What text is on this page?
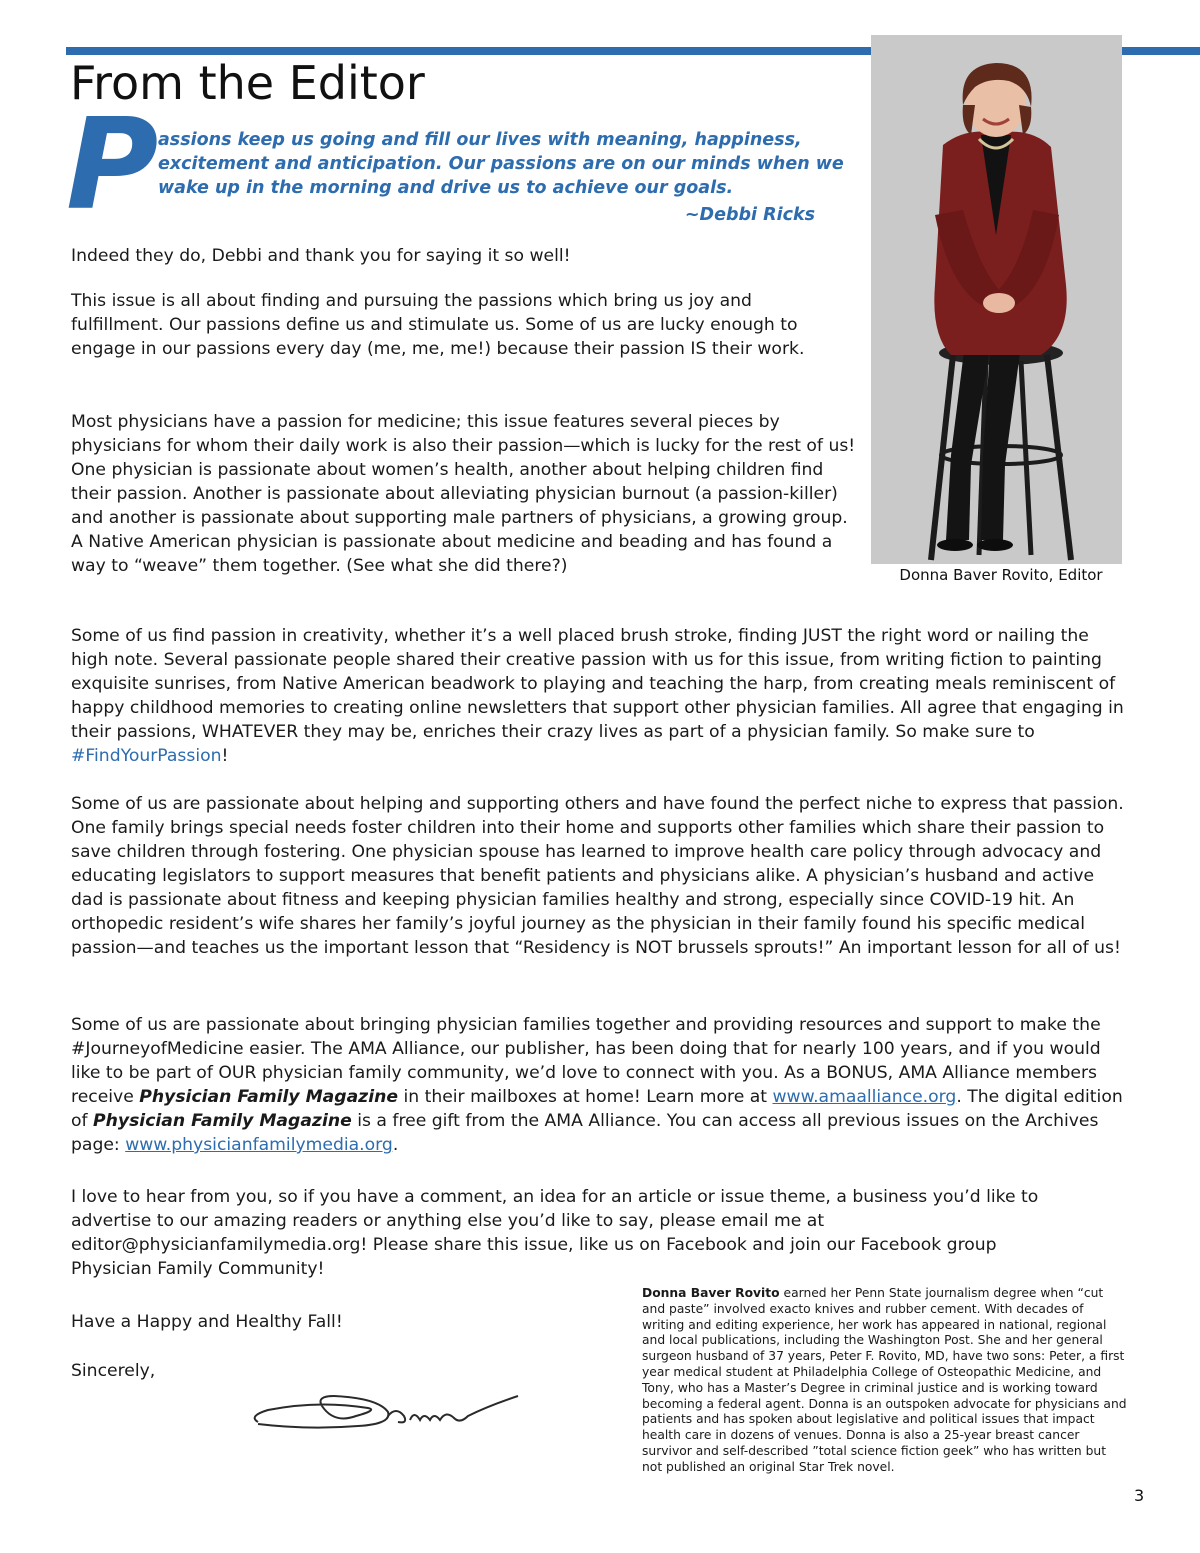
From the Editor
P assions keep us going and fill our lives with meaning, happiness, excitement and anticipation. Our passions are on our minds when we wake up in the morning and drive us to achieve our goals.

~Debbi Ricks
Donna Baver Rovito, Editor

Indeed they do, Debbi and thank you for saying it so well!

This issue is all about finding and pursuing the passions which bring us joy and fulfillment. Our passions define us and stimulate us. Some of us are lucky enough to engage in our passions every day (me, me, me!) because their passion IS their work.

Most physicians have a passion for medicine; this issue features several pieces by physicians for whom their daily work is also their passion—which is lucky for the rest of us! One physician is passionate about women’s health, another about helping children find their passion. Another is passionate about alleviating physician burnout (a passion-killer) and another is passionate about supporting male partners of physicians, a growing group. A Native American physician is passionate about medicine and beading and has found a way to “weave” them together. (See what she did there?)

Some of us find passion in creativity, whether it’s a well placed brush stroke, finding JUST the right word or nailing the high note. Several passionate people shared their creative passion with us for this issue, from writing fiction to painting exquisite sunrises, from Native American beadwork to playing and teaching the harp, from creating meals reminiscent of happy childhood memories to creating online newsletters that support other physician families. All agree that engaging in their passions, WHATEVER they may be, enriches their crazy lives as part of a physician family. So make sure to #FindYourPassion!

Some of us are passionate about helping and supporting others and have found the perfect niche to express that passion. One family brings special needs foster children into their home and supports other families which share their passion to save children through fostering. One physician spouse has learned to improve health care policy through advocacy and educating legislators to support measures that benefit patients and physicians alike. A physician’s husband and active dad is passionate about fitness and keeping physician families healthy and strong, especially since COVID-19 hit. An orthopedic resident’s wife shares her family’s joyful journey as the physician in their family found his specific medical passion—and teaches us the important lesson that “Residency is NOT brussels sprouts!” An important lesson for all of us!

Some of us are passionate about bringing physician families together and providing resources and support to make the #JourneyofMedicine easier. The AMA Alliance, our publisher, has been doing that for nearly 100 years, and if you would like to be part of OUR physician family community, we’d love to connect with you. As a BONUS, AMA Alliance members receive Physician Family Magazine in their mailboxes at home! Learn more at www.amaalliance.org. The digital edition of Physician Family Magazine is a free gift from the AMA Alliance. You can access all previous issues on the Archives page: www.physicianfamilymedia.org.

I love to hear from you, so if you have a comment, an idea for an article or issue theme, a business you’d like to advertise to our amazing readers or anything else you’d like to say, please email me at editor@physicianfamilymedia.org! Please share this issue, like us on Facebook and join our Facebook group Physician Family Community!

Have a Happy and Healthy Fall!

Sincerely,

Donna Baver Rovito earned her Penn State journalism degree when “cut and paste” involved exacto knives and rubber cement. With decades of writing and editing experience, her work has appeared in national, regional and local publications, including the Washington Post. She and her general surgeon husband of 37 years, Peter F. Rovito, MD, have two sons: Peter, a first year medical student at Philadelphia College of Osteopathic Medicine, and Tony, who has a Master’s Degree in criminal justice and is working toward becoming a federal agent. Donna is an outspoken advocate for physicians and patients and has spoken about legislative and political issues that impact health care in dozens of venues. Donna is also a 25-year breast cancer survivor and self-described ”total science fiction geek” who has written but not published an original Star Trek novel.

3
